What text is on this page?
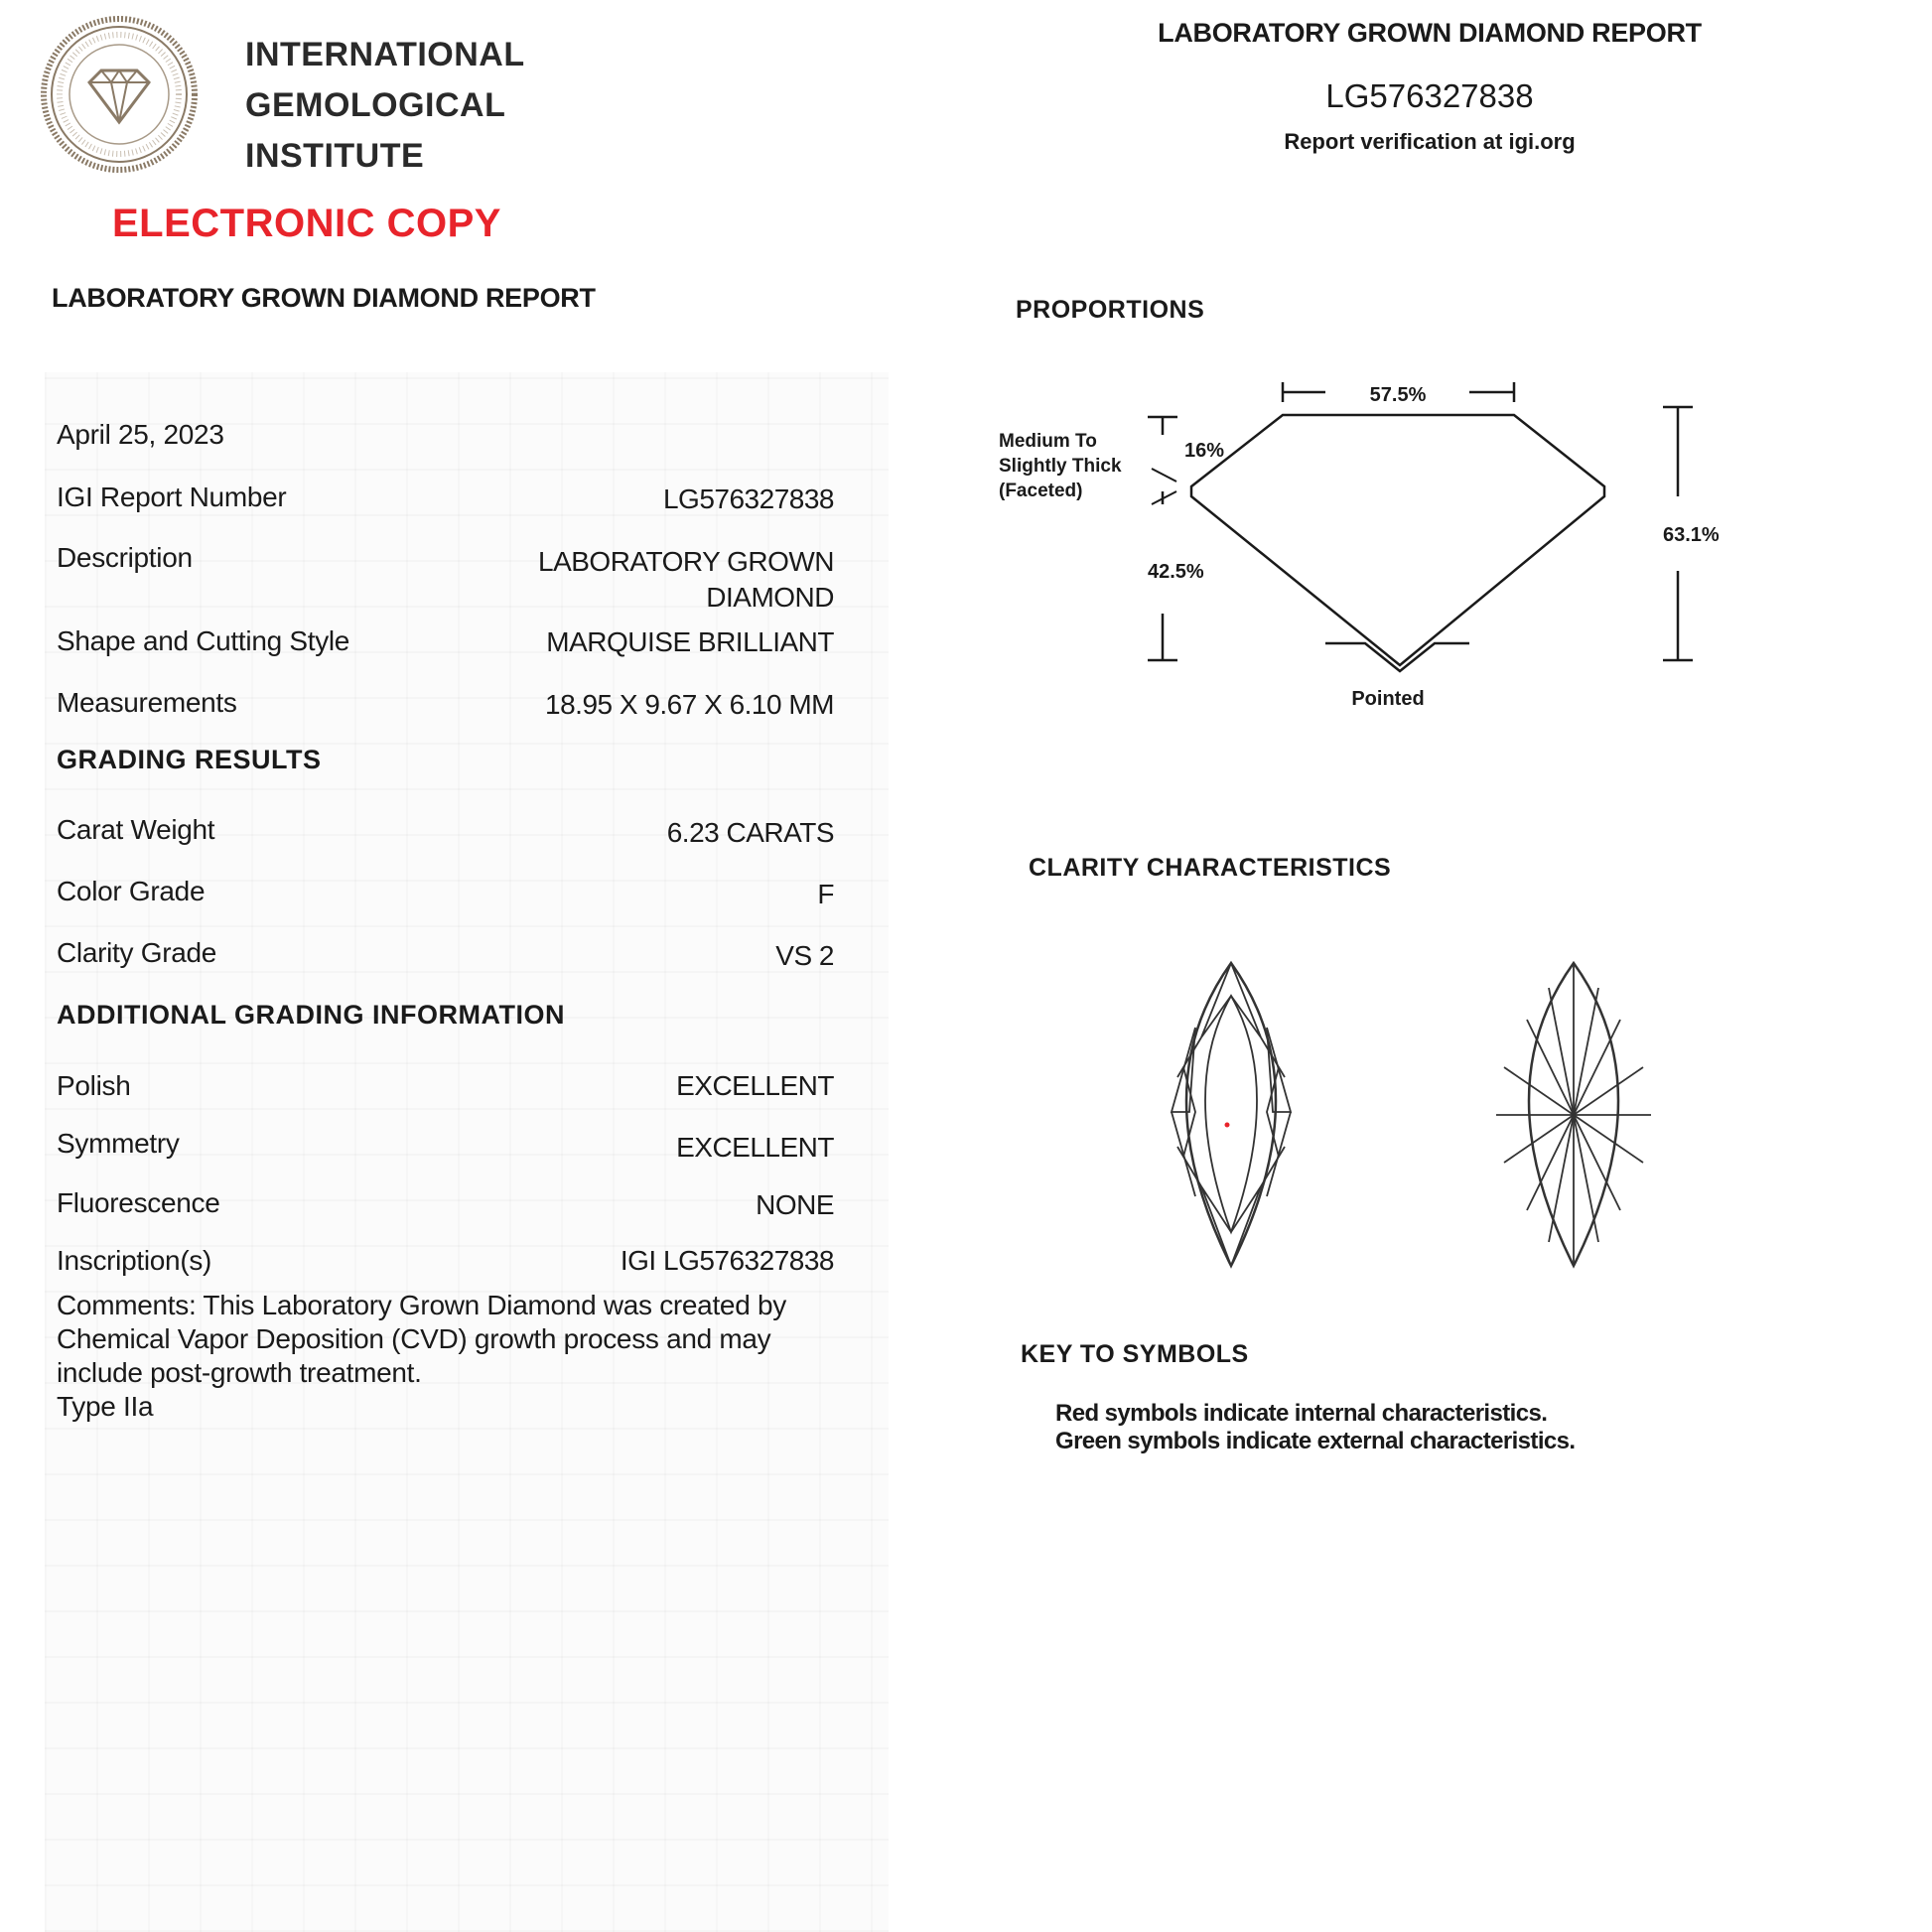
INTERNATIONAL
GEMOLOGICAL
INSTITUTE
ELECTRONIC COPY
LABORATORY GROWN DIAMOND REPORT
LABORATORY GROWN DIAMOND REPORT
LG576327838
Report verification at igi.org
April 25, 2023
IGI Report Number	LG576327838
Description	LABORATORY GROWN
DIAMOND
Shape and Cutting Style	MARQUISE BRILLIANT
Measurements	18.95 X 9.67 X 6.10 MM
GRADING RESULTS
Carat Weight	6.23 CARATS
Color Grade	F
Clarity Grade	VS 2
ADDITIONAL GRADING INFORMATION
Polish	EXCELLENT
Symmetry	EXCELLENT
Fluorescence	NONE
Inscription(s)	IGI LG576327838
Comments: This Laboratory Grown Diamond was created by Chemical Vapor Deposition (CVD) growth process and may include post-growth treatment.
Type IIa
PROPORTIONS
57.5%
16%
42.5%
Medium To
Slightly Thick
(Faceted)
63.1%
Pointed
CLARITY CHARACTERISTICS
KEY TO SYMBOLS
Red symbols indicate internal characteristics.
Green symbols indicate external characteristics.
